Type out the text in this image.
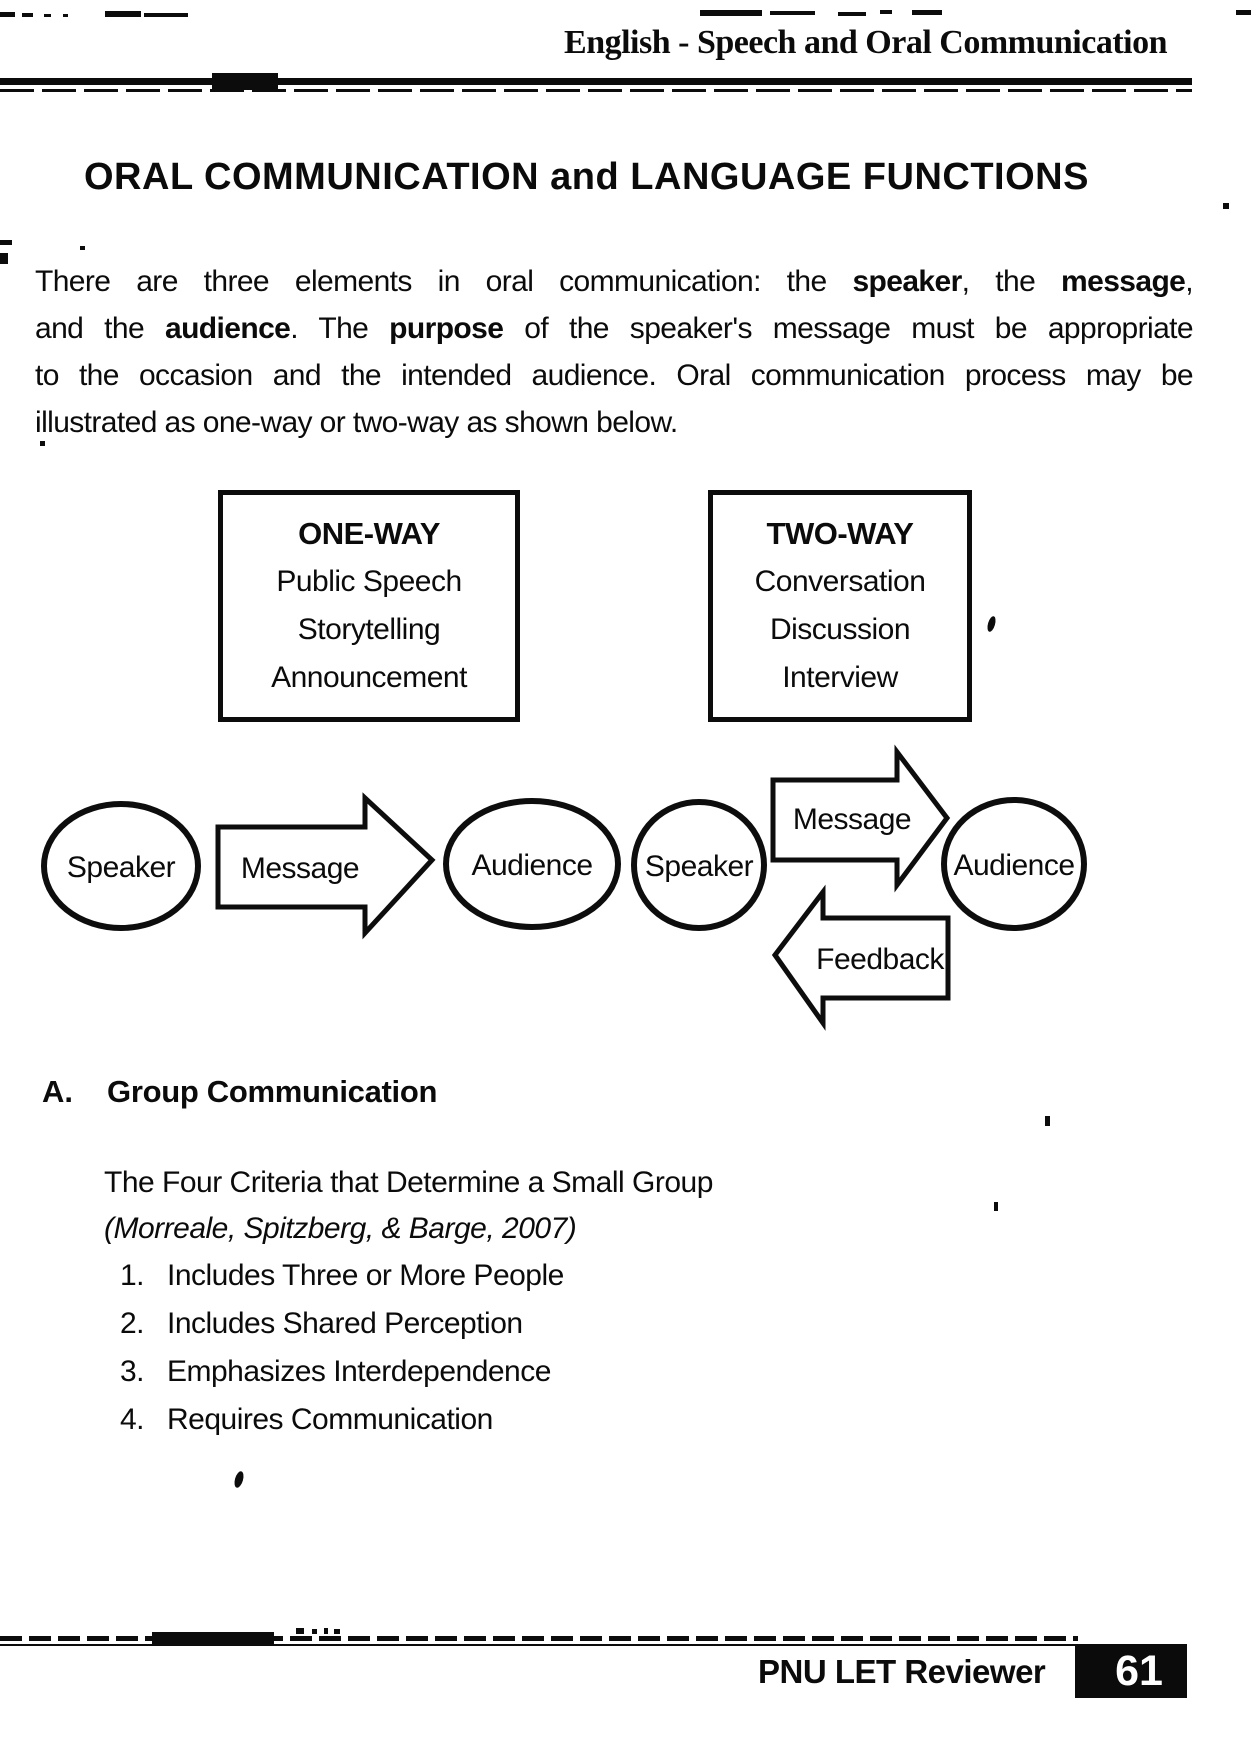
English - Speech and Oral Communication
ORAL COMMUNICATION and LANGUAGE FUNCTIONS
There are three elements in oral communication: the speaker, the message,
and the audience. The purpose of the speaker's message must be appropriate
to the occasion and the intended audience. Oral communication process may be
illustrated as one-way or two-way as shown below.
ONE-WAY
Public Speech
Storytelling
Announcement
TWO-WAY
Conversation
Discussion
Interview
Speaker Message	Audience Speaker
Message
Feedback
Audience
A. Group Communication
The Four Criteria that Determine a Small Group
(Morreale, Spitzberg, & Barge, 2007)
1. Includes Three or More People
2. Includes Shared Perception
3. Emphasizes Interdependence
4. Requires Communication
PNU LET Reviewer 61
